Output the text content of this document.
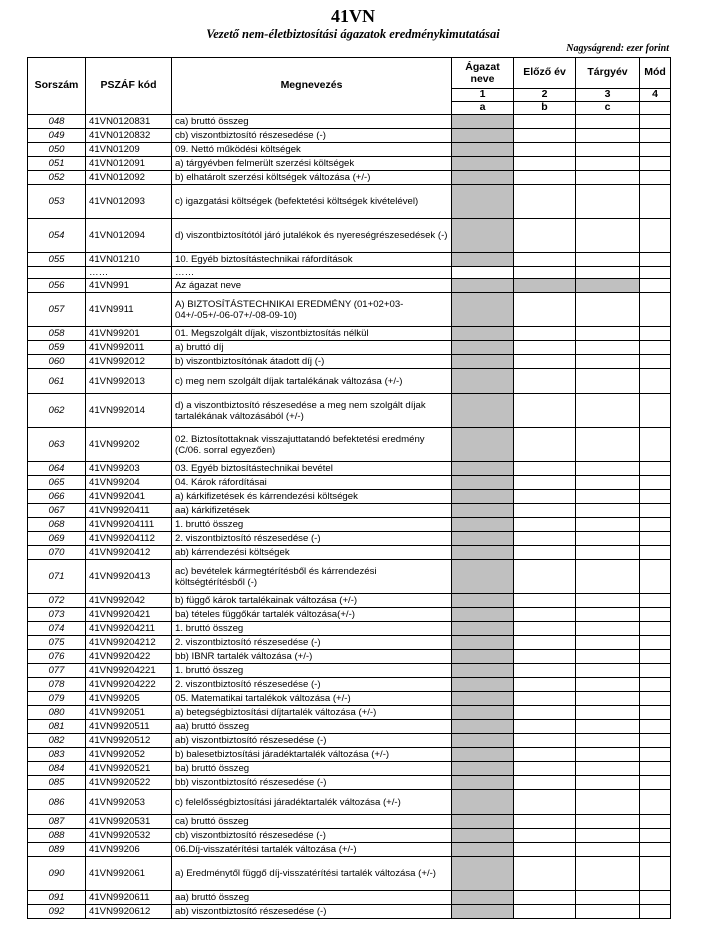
41VN
Vezető nem-életbiztosítási ágazatok eredménykimutatásai
Nagyságrend: ezer forint
Sorszám	PSZÁF kód	Megnevezés	Ágazat neve	Előző év	Tárgyév	Mód
			1	2	3	4
			a	b	c	
048	41VN0120831	ca) bruttó összeg				
049	41VN0120832	cb) viszontbiztosító részesedése (-)				
050	41VN01209	09. Nettó működési költségek				
051	41VN012091	a) tárgyévben felmerült szerzési költségek				
052	41VN012092	b) elhatárolt szerzési költségek változása (+/-)				
053	41VN012093	c) igazgatási költségek (befektetési költségek kivételével)				
054	41VN012094	d) viszontbiztosítótól járó jutalékok és nyereségrészesedések (-)				
055	41VN01210	10. Egyéb biztosítástechnikai ráfordítások				
	……	……				
056	41VN991	Az ágazat neve				
057	41VN9911	A) BIZTOSÍTÁSTECHNIKAI EREDMÉNY (01+02+03-04+/-05+/-06-07+/-08-09-10)				
058	41VN99201	01. Megszolgált díjak, viszontbiztosítás nélkül				
059	41VN992011	a) bruttó díj				
060	41VN992012	b) viszontbiztosítónak átadott díj (-)				
061	41VN992013	c) meg nem szolgált díjak tartalékának változása (+/-)				
062	41VN992014	d) a viszontbiztosító részesedése a meg nem szolgált díjak tartalékának változásából (+/-)				
063	41VN99202	02. Biztosítottaknak visszajuttatandó befektetési eredmény (C/06. sorral egyezően)				
064	41VN99203	03. Egyéb biztosítástechnikai bevétel				
065	41VN99204	04. Károk ráfordításai				
066	41VN992041	a) kárkifizetések és kárrendezési költségek				
067	41VN9920411	aa) kárkifizetések				
068	41VN99204111	1. bruttó összeg				
069	41VN99204112	2. viszontbiztosító részesedése (-)				
070	41VN9920412	ab) kárrendezési költségek				
071	41VN9920413	ac) bevételek kármegtérítésből és kárrendezési költségtérítésből (-)				
072	41VN992042	b) függő károk tartalékainak változása (+/-)				
073	41VN9920421	ba) tételes függőkár tartalék változása(+/-)				
074	41VN99204211	1. bruttó összeg				
075	41VN99204212	2. viszontbiztosító részesedése (-)				
076	41VN9920422	bb) IBNR tartalék változása (+/-)				
077	41VN99204221	1. bruttó összeg				
078	41VN99204222	2. viszontbiztosító részesedése (-)				
079	41VN99205	05. Matematikai tartalékok változása (+/-)				
080	41VN992051	a) betegségbiztosítási díjtartalék változása (+/-)				
081	41VN9920511	aa) bruttó összeg				
082	41VN9920512	ab) viszontbiztosító részesedése (-)				
083	41VN992052	b) balesetbiztosítási járadéktartalék változása (+/-)				
084	41VN9920521	ba) bruttó összeg				
085	41VN9920522	bb) viszontbiztosító részesedése (-)				
086	41VN992053	c) felelősségbiztosítási járadéktartalék változása (+/-)				
087	41VN9920531	ca) bruttó összeg				
088	41VN9920532	cb) viszontbiztosító részesedése (-)				
089	41VN99206	06.Díj-visszatérítési tartalék változása (+/-)				
090	41VN992061	a) Eredménytől függő díj-visszatérítési tartalék változása (+/-)				
091	41VN9920611	aa) bruttó összeg				
092	41VN9920612	ab) viszontbiztosító részesedése (-)				
